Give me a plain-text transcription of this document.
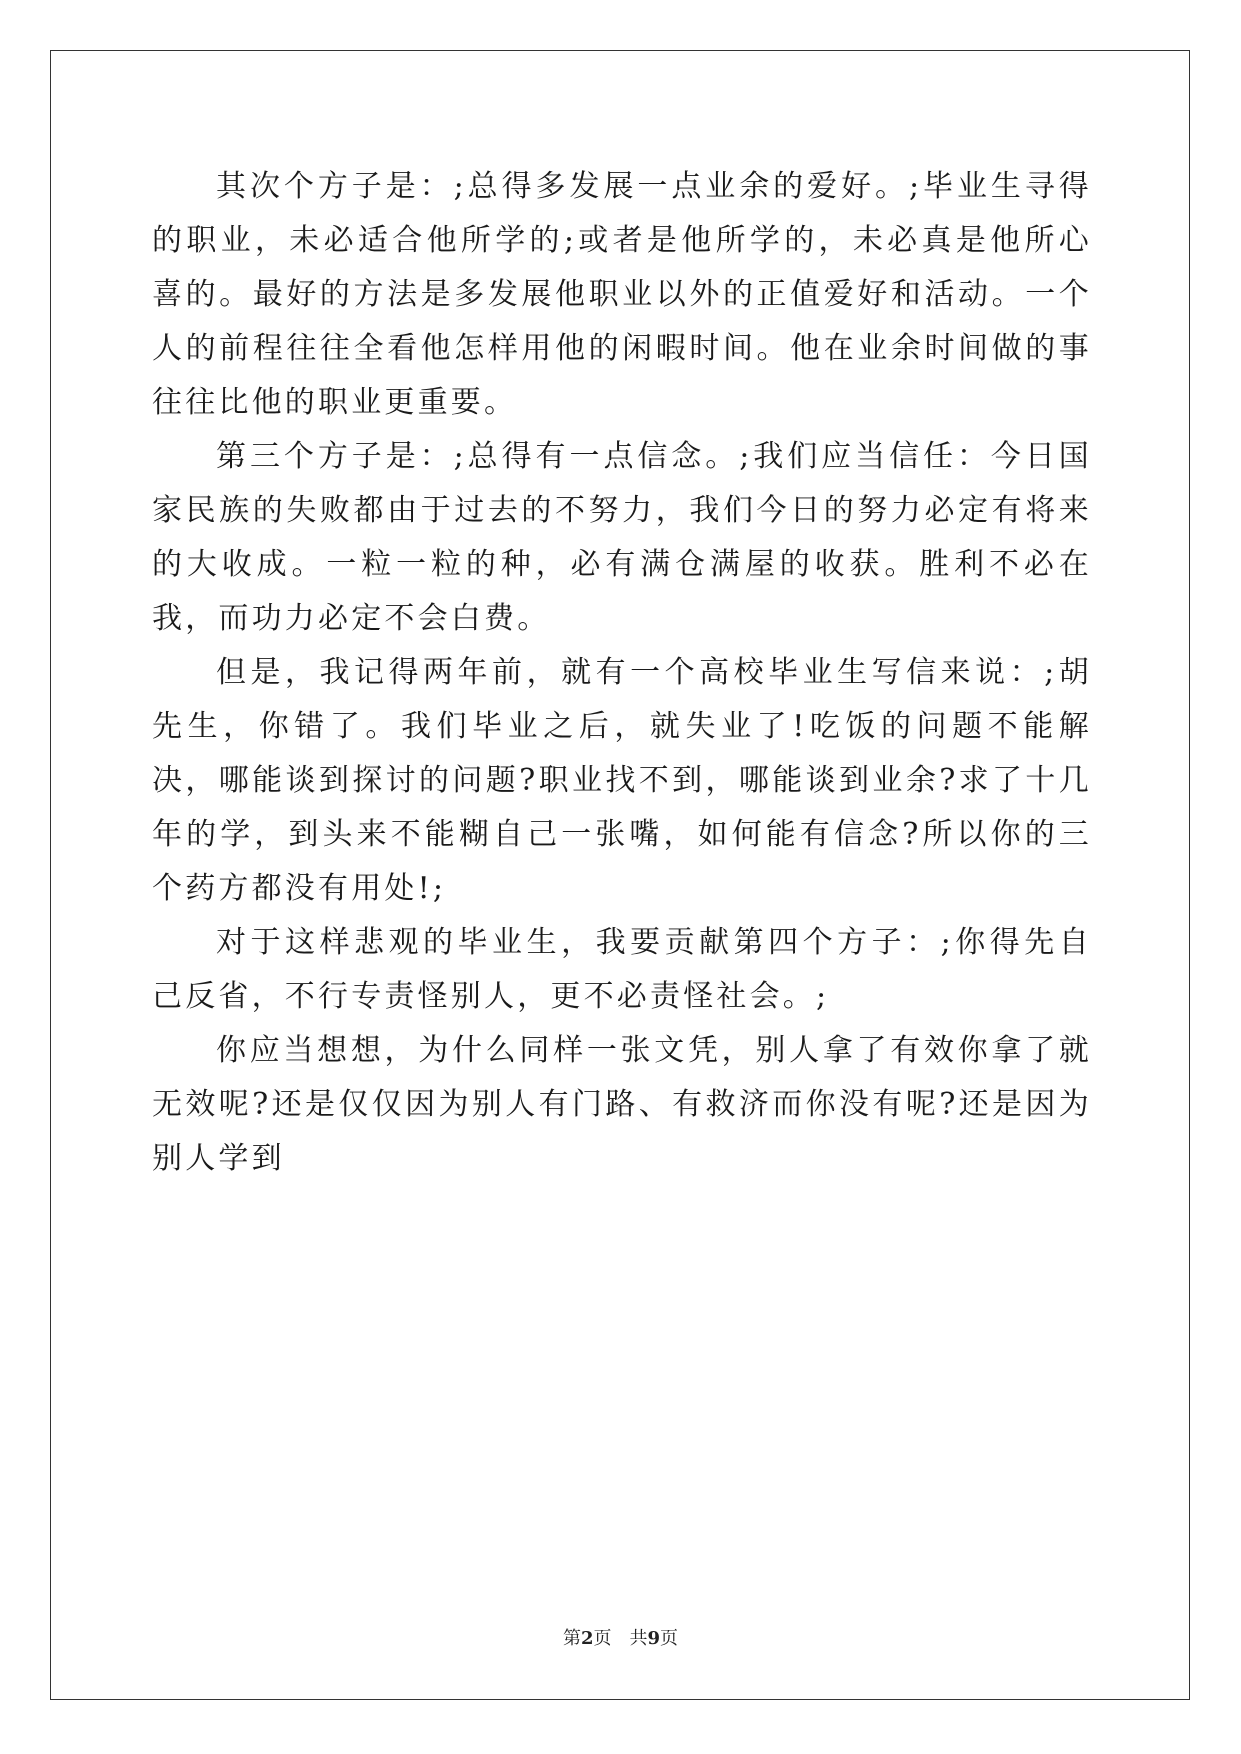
其次个方子是：;总得多发展一点业余的爱好。;毕业生寻得的职业，未必适合他所学的;或者是他所学的，未必真是他所心喜的。最好的方法是多发展他职业以外的正值爱好和活动。一个人的前程往往全看他怎样用他的闲暇时间。他在业余时间做的事往往比他的职业更重要。

第三个方子是：;总得有一点信念。;我们应当信任：今日国家民族的失败都由于过去的不努力，我们今日的努力必定有将来的大收成。一粒一粒的种，必有满仓满屋的收获。胜利不必在我，而功力必定不会白费。

但是，我记得两年前，就有一个高校毕业生写信来说：;胡先生，你错了。我们毕业之后，就失业了!吃饭的问题不能解决，哪能谈到探讨的问题?职业找不到，哪能谈到业余?求了十几年的学，到头来不能糊自己一张嘴，如何能有信念?所以你的三个药方都没有用处!;

对于这样悲观的毕业生，我要贡献第四个方子：;你得先自己反省，不行专责怪别人，更不必责怪社会。;

你应当想想，为什么同样一张文凭，别人拿了有效你拿了就无效呢?还是仅仅因为别人有门路、有救济而你没有呢?还是因为别人学到

第2页 共9页
